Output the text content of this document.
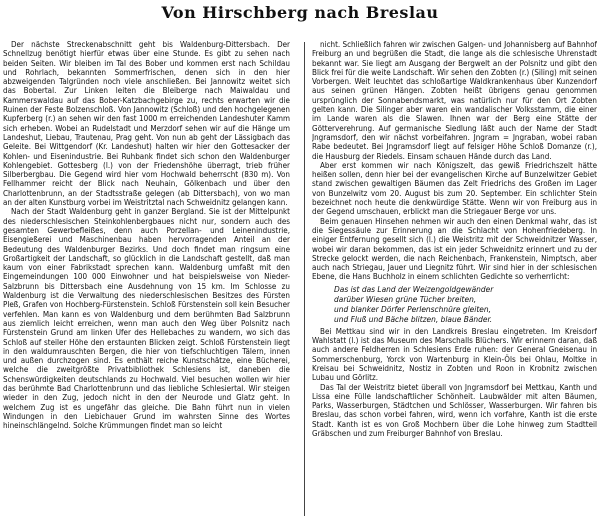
Von Hirschberg nach Breslau

Der nächste Streckenabschnitt geht bis Waldenburg-Dittersbach. Der Schnellzug benötigt hierfür etwas über eine Stunde. Es gibt zu sehen nach beiden Seiten. Wir bleiben im Tal des Bober und kommen erst nach Schildau und Rohrlach, bekannten Sommerfrischen, denen sich in den hier abzweigenden Talgründen noch viele anschließen. Bei Jannowitz weitet sich das Bobertal. Zur Linken leiten die Bleiberge nach Maiwaldau und Kammerswaldau auf das Bober-Katzbachgebirge zu, rechts erwarten wir die Ruinen der Feste Bolzenschloß. Von Jannowitz (Schloß) und den hochgelegenen Kupferberg (r.) an sehen wir den fast 1000 m erreichenden Landeshuter Kamm sich erheben. Wobei an Rudelstadt und Merzdorf sehen wir auf die Hänge um Landeshut, Liebau, Trautenau, Prag geht. Von nun ab geht der Lässigbach das Geleite. Bei Wittgendorf (Kr. Landeshut) halten wir hier den Gottesacker der Kohlen- und Eisenindustrie. Bei Ruhbank findet sich schon den Waldenburger Kohlengebiet. Gottesberg (l.) von der Friedenshöhe überragt, trieb früher Silberbergbau. Die Gegend wird hier vom Hochwald beherrscht (830 m). Von Fellhammer reicht der Blick nach Neuhain, Gölkenbach und über den Charlottenbrunn, an der Stadtsstraße gelegen (ab Dittersbach), von wo man an der alten Kunstburg vorbei im Weistritztal nach Schweidnitz gelangen kann.

Nach der Stadt Waldenburg geht in ganzer Bergland. Sie ist der Mittelpunkt des niederschlesischen Steinkohlenbergbaues nicht nur, sondern auch des gesamten Gewerbefleißes, denn auch Porzellan- und Leinenindustrie, Eisengießerei und Maschinenbau haben hervorragenden Anteil an der Bedeutung des Waldenburger Bezirks. Und doch findet man ringsum eine Großartigkeit der Landschaft, so glücklich in die Landschaft gestellt, daß man kaum von einer Fabrikstadt sprechen kann. Waldenburg umfaßt mit den Eingemeindungen 100 000 Einwohner und hat beispielsweise von Nieder-Salzbrunn bis Dittersbach eine Ausdehnung von 15 km. Im Schlosse zu Waldenburg ist die Verwaltung des niederschlesischen Besitzes des Fürsten Pleß, Grafen von Hochberg-Fürstenstein. Schloß Fürstenstein soll kein Besucher verfehlen. Man kann es von Waldenburg und dem berühmten Bad Salzbrunn aus ziemlich leicht erreichen, wenn man auch den Weg über Polsnitz nach Fürstenstein Grund am linken Ufer des Hellebaches zu wandern, wo sich das Schloß auf steiler Höhe den erstaunten Blicken zeigt. Schloß Fürstenstein liegt in den waldumrauschten Bergen, die hier von tiefschluchtigen Tälern, innen und außen durchzogen sind. Es enthält reiche Kunstschätze, eine Bücherei, welche die zweitgrößte Privatbibliothek Schlesiens ist, daneben die Schenswürdigkeiten deutschlands zu Hochwald. Viel besuchen wollen wir hier das berühmte Bad Charlottenbrunn und das liebliche Schlesiertal. Wir steigen wieder in den Zug, jedoch nicht in den der Neurode und Glatz geht. In welchem Zug ist es ungefähr das gleiche. Die Bahn führt nun in vielen Windungen in den Liebichauer Grund im wahrsten Sinne des Wortes hineinschlängelnd. Solche Krümmungen findet man so leicht

nicht. Schließlich fahren wir zwischen Galgen- und Johannisberg auf Bahnhof Freiburg an und begrüßen die Stadt, die lange als die schlesische Uhrenstadt bekannt war. Sie liegt am Ausgang der Bergwelt an der Polsnitz und gibt den Blick frei für die weite Landschaft. Wir sehen den Zobten (r.) (Siling) mit seinen Vorbergen. Weit leuchtet das schloßartige Waldkrankenhaus über Kunzendorf aus seinen grünen Hängen. Zobten heißt übrigens genau genommen ursprünglich der Sonnabendsmarkt, was natürlich nur für den Ort Zobten gelten kann. Die Silinger aber waren ein wandalischer Volksstamm, die einer im Lande waren als die Slawen. Ihnen war der Berg eine Stätte der Götterverehrung. Auf germanische Siedlung läßt auch der Name der Stadt Jngramsdorf, den wir nächst vorbeifahren. Jngram = Jngraban, wobei raban Rabe bedeutet. Bei Jngramsdorf liegt auf felsiger Höhe Schloß Domanze (r.), die Hausburg der Riedels. Einsam schauen Hände durch das Land.

Aber erst kommen wir nach Königszelt, das gewiß Friedrichszelt hätte heißen sollen, denn hier bei der evangelischen Kirche auf Bunzelwitzer Gebiet stand zwischen gewaltigen Bäumen das Zelt Friedrichs des Großen im Lager von Bunzelwitz vom 20. August bis zum 20. September. Ein schlichter Stein bezeichnet noch heute die denkwürdige Stätte. Wenn wir von Freiburg aus in der Gegend umschauen, erblickt man die Striegauer Berge vor uns.

Beim genauen Hinsehen nehmen wir auch den einen Denkmal wahr, das ist die Siegessäule zur Erinnerung an die Schlacht von Hohenfriedeberg. In einiger Entfernung gesellt sich (l.) die Weistritz mit der Schweidnitzer Wasser, wobei wir daran bekommen, das ist ein jeder Schweidnitz erinnert und zu der Strecke gelockt werden, die nach Reichenbach, Frankenstein, Nimptsch, aber auch nach Striegau, Jauer und Liegnitz führt. Wir sind hier in der schlesischen Ebene, die Hans Buchholz in einem schlichten Gedichte so verherrlicht:

Das ist das Land der Weizengoldgewänder
darüber Wiesen grüne Tücher breiten,
und blanker Dörfer Perlenschnüre gleiten,
und Fluß und Bäche blitzen, blaue Bänder.

Bei Mettkau sind wir in den Landkreis Breslau eingetreten. Im Kreisdorf Wahlstatt (l.) ist das Museum des Marschalls Blüchers. Wir erinnern daran, daß auch andere Feldherren in Schlesiens Erde ruhen: der General Gneisenau in Sommerschenburg, Yorck von Wartenburg in Klein-Öls bei Ohlau, Moltke in Kreisau bei Schweidnitz, Nostiz in Zobten und Roon in Krobnitz zwischen Lubau und Görlitz.

Das Tal der Weistritz bietet überall von Jngramsdorf bei Mettkau, Kanth und Lissa eine Fülle landschaftlicher Schönheit. Laubwälder mit alten Bäumen, Parks, Wasserburgen, Städtchen und Schlösser, Wasserburgen. Wir fahren bis Breslau, das schon vorbei fahren, wird, wenn ich vorfahre, Kanth ist die erste Stadt. Kanth ist es von Groß Mochbern über die Lohe hinweg zum Stadtteil Gräbschen und zum Freiburger Bahnhof von Breslau.
